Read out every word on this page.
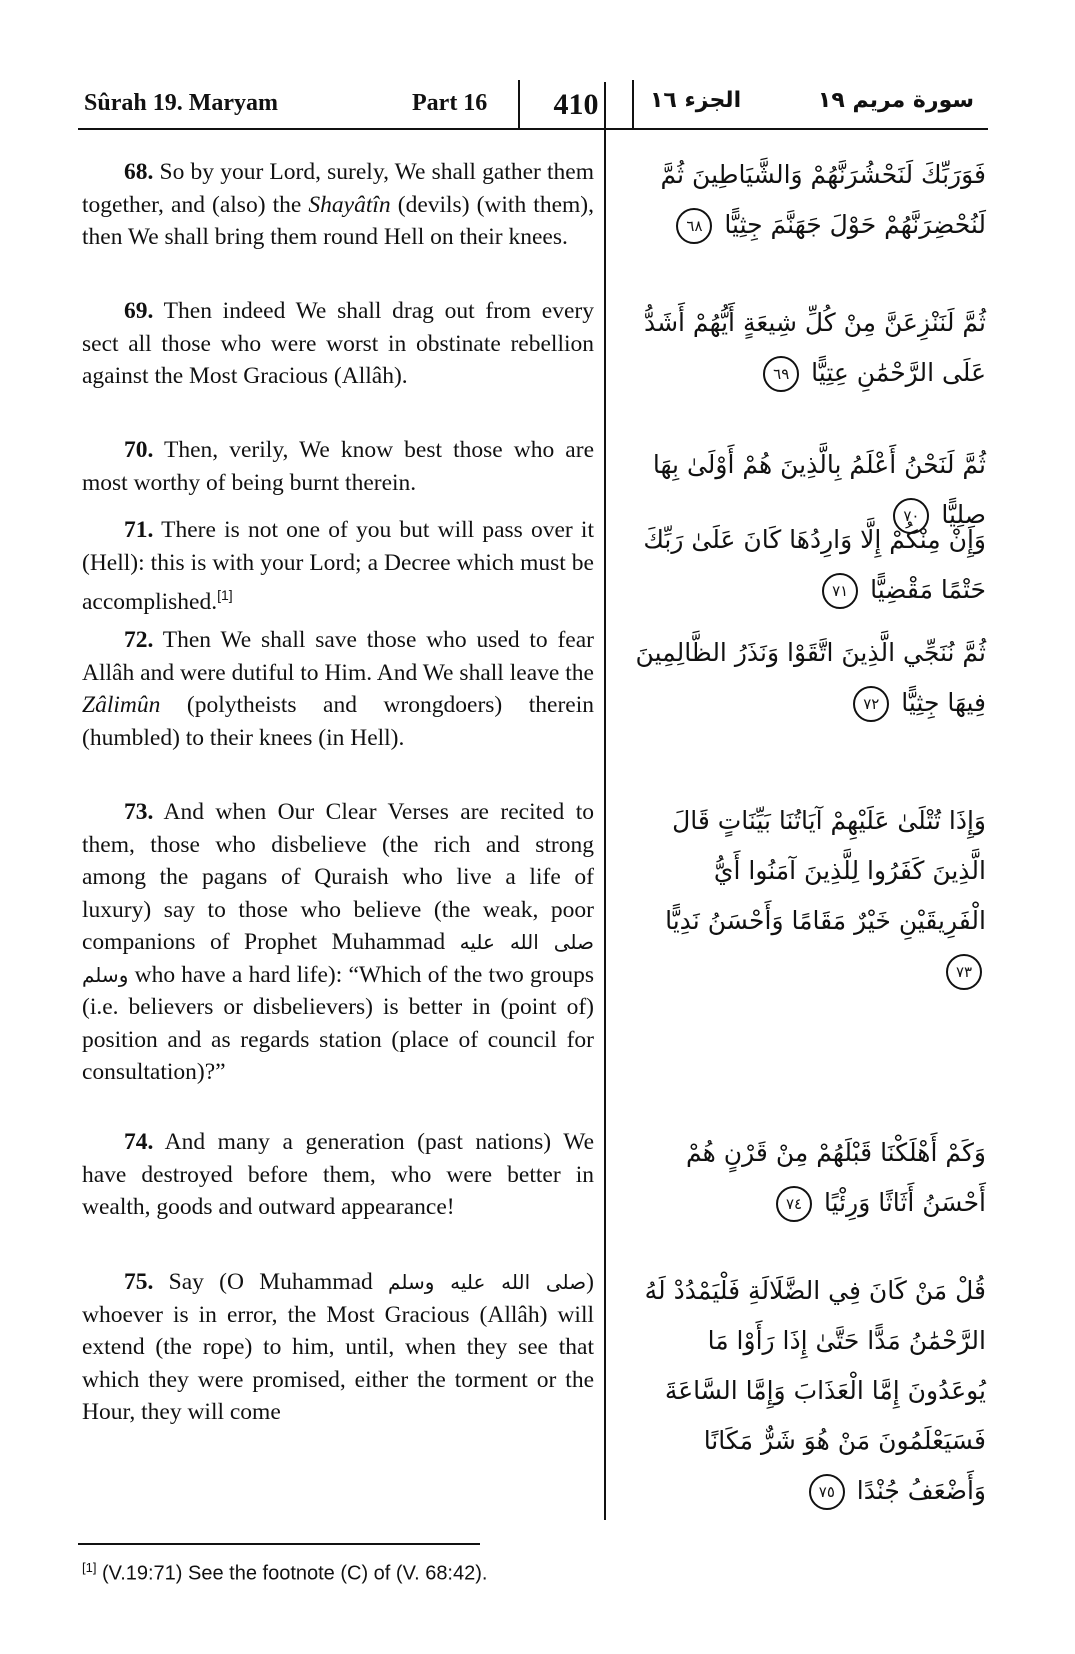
Sûrah 19. Maryam	Part 16	410	الجزء ١٦	سورة مريم ١٩

68. So by your Lord, surely, We shall gather them together, and (also) the Shayâtîn (devils) (with them), then We shall bring them round Hell on their knees.

فَوَرَبِّكَ لَنَحْشُرَنَّهُمْ وَالشَّيَاطِينَ ثُمَّ لَنُحْضِرَنَّهُمْ حَوْلَ جَهَنَّمَ جِثِيًّا ٦٨

69. Then indeed We shall drag out from every sect all those who were worst in obstinate rebellion against the Most Gracious (Allâh).

ثُمَّ لَنَنْزِعَنَّ مِنْ كُلِّ شِيعَةٍ أَيُّهُمْ أَشَدُّ عَلَى الرَّحْمَٰنِ عِتِيًّا ٦٩

70. Then, verily, We know best those who are most worthy of being burnt therein.

ثُمَّ لَنَحْنُ أَعْلَمُ بِالَّذِينَ هُمْ أَوْلَىٰ بِهَا صِلِيًّا ٧٠

71. There is not one of you but will pass over it (Hell): this is with your Lord; a Decree which must be accomplished.[1]

وَإِنْ مِنْكُمْ إِلَّا وَارِدُهَا كَانَ عَلَىٰ رَبِّكَ حَتْمًا مَقْضِيًّا ٧١

72. Then We shall save those who used to fear Allâh and were dutiful to Him. And We shall leave the Zâlimûn (polytheists and wrongdoers) therein (humbled) to their knees (in Hell).

ثُمَّ نُنَجِّي الَّذِينَ اتَّقَوْا وَنَذَرُ الظَّالِمِينَ فِيهَا جِثِيًّا ٧٢

73. And when Our Clear Verses are recited to them, those who disbelieve (the rich and strong among the pagans of Quraish who live a life of luxury) say to those who believe (the weak, poor companions of Prophet Muhammad صلى الله عليه وسلم who have a hard life): “Which of the two groups (i.e. believers or disbelievers) is better in (point of) position and as regards station (place of council for consultation)?”

وَإِذَا تُتْلَىٰ عَلَيْهِمْ آيَاتُنَا بَيِّنَاتٍ قَالَ الَّذِينَ كَفَرُوا لِلَّذِينَ آمَنُوا أَيُّ الْفَرِيقَيْنِ خَيْرٌ مَقَامًا وَأَحْسَنُ نَدِيًّا ٧٣

74. And many a generation (past nations) We have destroyed before them, who were better in wealth, goods and outward appearance!

وَكَمْ أَهْلَكْنَا قَبْلَهُمْ مِنْ قَرْنٍ هُمْ أَحْسَنُ أَثَاثًا وَرِئْيًا ٧٤

75. Say (O Muhammad صلى الله عليه وسلم) whoever is in error, the Most Gracious (Allâh) will extend (the rope) to him, until, when they see that which they were promised, either the torment or the Hour, they will come

قُلْ مَنْ كَانَ فِي الضَّلَالَةِ فَلْيَمْدُدْ لَهُ الرَّحْمَٰنُ مَدًّا حَتَّىٰ إِذَا رَأَوْا مَا يُوعَدُونَ إِمَّا الْعَذَابَ وَإِمَّا السَّاعَةَ فَسَيَعْلَمُونَ مَنْ هُوَ شَرٌّ مَكَانًا وَأَضْعَفُ جُنْدًا ٧٥
[1] (V.19:71) See the footnote (C) of (V. 68:42).
